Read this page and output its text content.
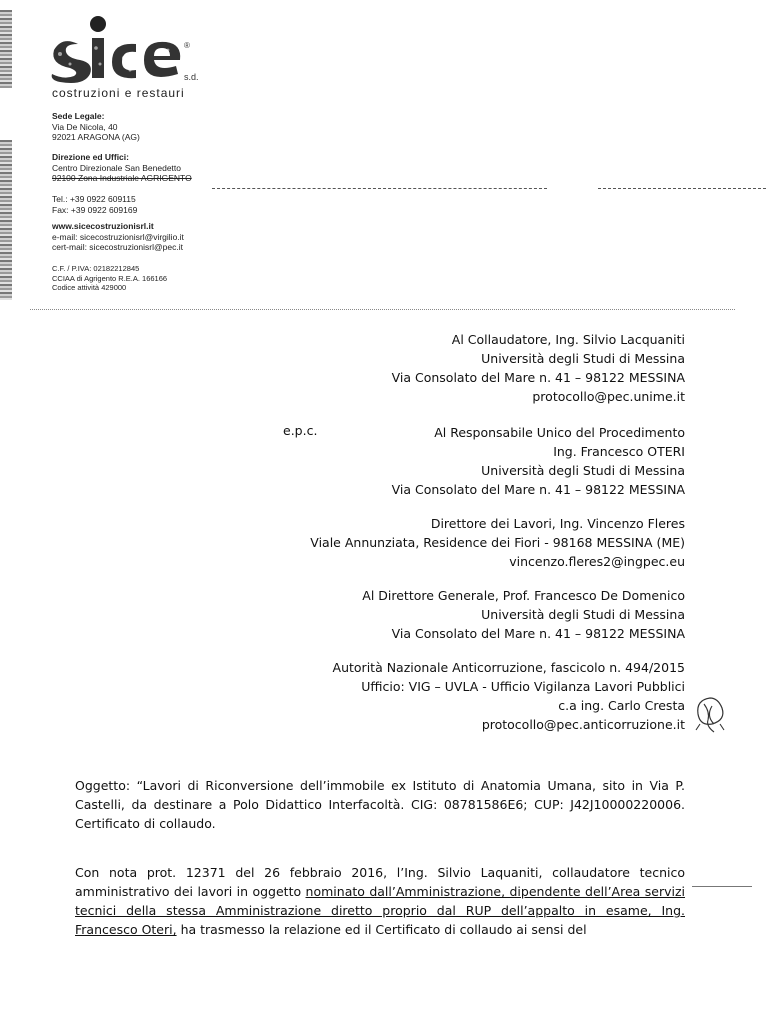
®
s.d.
costruzioni e restauri
Sede Legale:
Via De Nicola, 40
92021 ARAGONA (AG)
Direzione ed Uffici:
Centro Direzionale San Benedetto
92100 Zona Industriale AGRIGENTO
Tel.: +39 0922 609115
Fax: +39 0922 609169
www.sicecostruzionisrl.it
e-mail: sicecostruzionisrl@virgilio.it
cert-mail: sicecostruzionisrl@pec.it
C.F. / P.IVA: 02182212845
CCIAA di Agrigento R.E.A. 166166
Codice attività 429000
Al Collaudatore, Ing. Silvio Lacquaniti
Università degli Studi di Messina
Via Consolato del Mare n. 41 – 98122 MESSINA
protocollo@pec.unime.it
e.p.c.	Al Responsabile Unico del Procedimento
Ing. Francesco OTERI
Università degli Studi di Messina
Via Consolato del Mare n. 41 – 98122 MESSINA
Direttore dei Lavori, Ing. Vincenzo Fleres
Viale Annunziata, Residence dei Fiori - 98168 MESSINA (ME)
vincenzo.fleres2@ingpec.eu
Al Direttore Generale, Prof. Francesco De Domenico
Università degli Studi di Messina
Via Consolato del Mare n. 41 – 98122 MESSINA
Autorità Nazionale Anticorruzione, fascicolo n. 494/2015
Ufficio: VIG – UVLA - Ufficio Vigilanza Lavori Pubblici
c.a ing. Carlo Cresta
protocollo@pec.anticorruzione.it
Oggetto: “Lavori di Riconversione dell’immobile ex Istituto di Anatomia Umana, sito in Via P. Castelli, da destinare a Polo Didattico Interfacoltà. CIG: 08781586E6; CUP: J42J10000220006. Certificato di collaudo.
Con nota prot. 12371 del 26 febbraio 2016, l’Ing. Silvio Laquaniti, collaudatore tecnico amministrativo dei lavori in oggetto nominato dall’Amministrazione, dipendente dell’Area servizi tecnici della stessa Amministrazione diretto proprio dal RUP dell’appalto in esame, Ing. Francesco Oteri, ha trasmesso la relazione ed il Certificato di collaudo ai sensi del
